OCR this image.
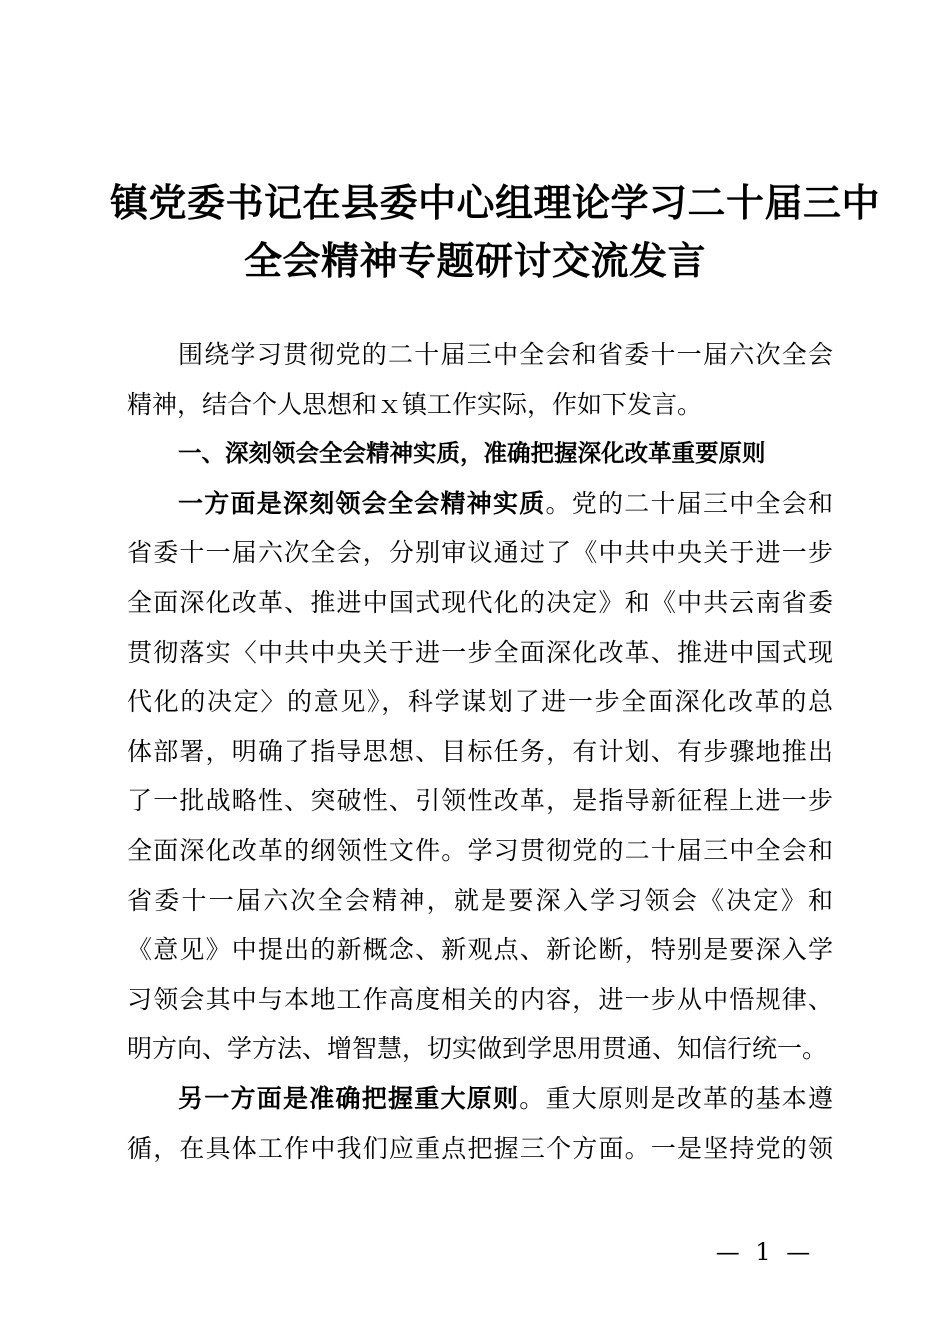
镇党委书记在县委中心组理论学习二十届三中
全会精神专题研讨交流发言
围绕学习贯彻党的二十届三中全会和省委十一届六次全会
精神，结合个人思想和ｘ镇工作实际，作如下发言。
一、深刻领会全会精神实质，准确把握深化改革重要原则
一方面是深刻领会全会精神实质。党的二十届三中全会和
省委十一届六次全会，分别审议通过了《中共中央关于进一步
全面深化改革、推进中国式现代化的决定》和《中共云南省委
贯彻落实〈中共中央关于进一步全面深化改革、推进中国式现
代化的决定〉的意见》，科学谋划了进一步全面深化改革的总
体部署，明确了指导思想、目标任务，有计划、有步骤地推出
了一批战略性、突破性、引领性改革，是指导新征程上进一步
全面深化改革的纲领性文件。学习贯彻党的二十届三中全会和
省委十一届六次全会精神，就是要深入学习领会《决定》和
《意见》中提出的新概念、新观点、新论断，特别是要深入学
习领会其中与本地工作高度相关的内容，进一步从中悟规律、
明方向、学方法、增智慧，切实做到学思用贯通、知信行统一。
另一方面是准确把握重大原则。重大原则是改革的基本遵
循，在具体工作中我们应重点把握三个方面。一是坚持党的领
— 1 —
